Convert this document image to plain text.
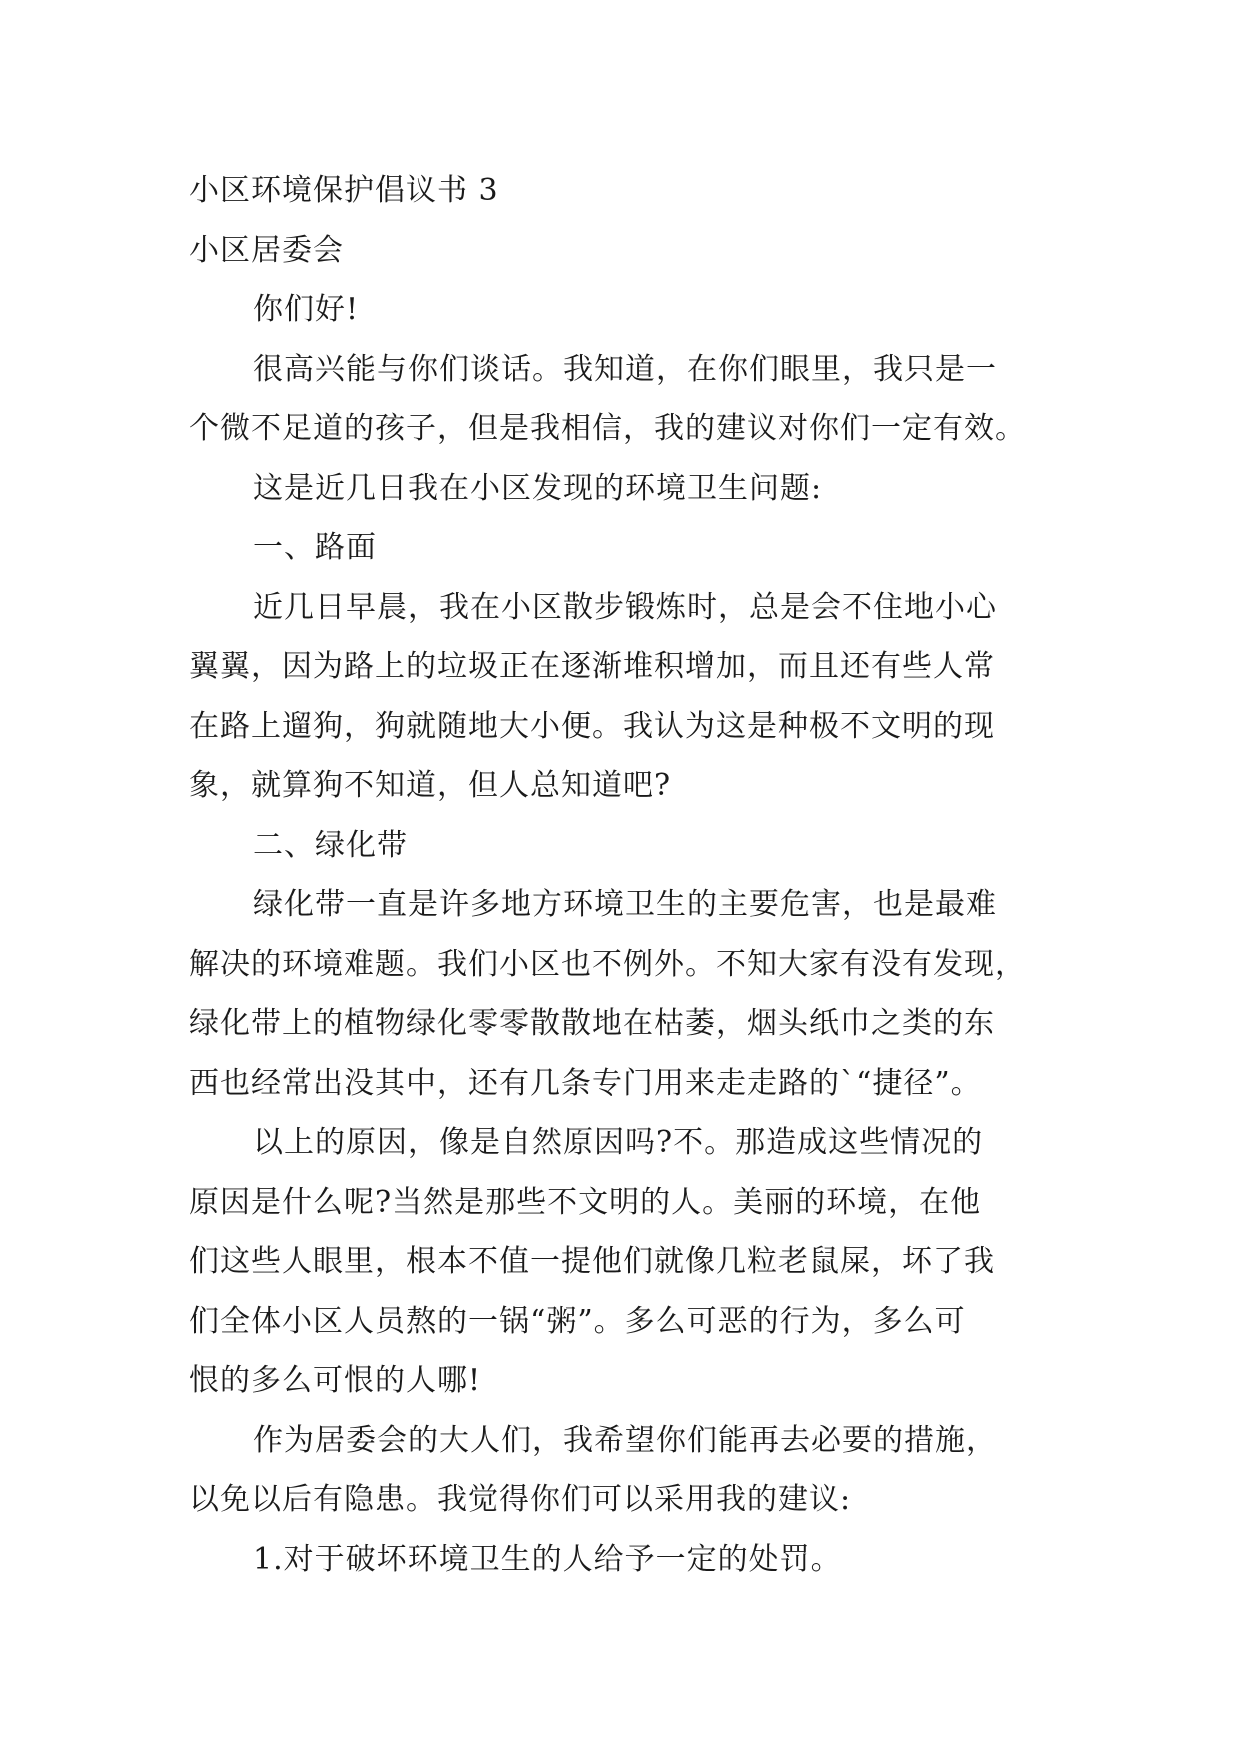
小区环境保护倡议书 3
小区居委会
你们好!
很高兴能与你们谈话。我知道，在你们眼里，我只是一
个微不足道的孩子，但是我相信，我的建议对你们一定有效。
这是近几日我在小区发现的环境卫生问题:
一、路面
近几日早晨，我在小区散步锻炼时，总是会不住地小心
翼翼，因为路上的垃圾正在逐渐堆积增加，而且还有些人常
在路上遛狗，狗就随地大小便。我认为这是种极不文明的现
象，就算狗不知道，但人总知道吧?
二、绿化带
绿化带一直是许多地方环境卫生的主要危害，也是最难
解决的环境难题。我们小区也不例外。不知大家有没有发现，
绿化带上的植物绿化零零散散地在枯萎，烟头纸巾之类的东
西也经常出没其中，还有几条专门用来走走路的`“捷径”。
以上的原因，像是自然原因吗?不。那造成这些情况的
原因是什么呢?当然是那些不文明的人。美丽的环境，在他
们这些人眼里，根本不值一提他们就像几粒老鼠屎，坏了我
们全体小区人员熬的一锅“粥”。多么可恶的行为，多么可
恨的多么可恨的人哪!
作为居委会的大人们，我希望你们能再去必要的措施，
以免以后有隐患。我觉得你们可以采用我的建议:
1.对于破坏环境卫生的人给予一定的处罚。
